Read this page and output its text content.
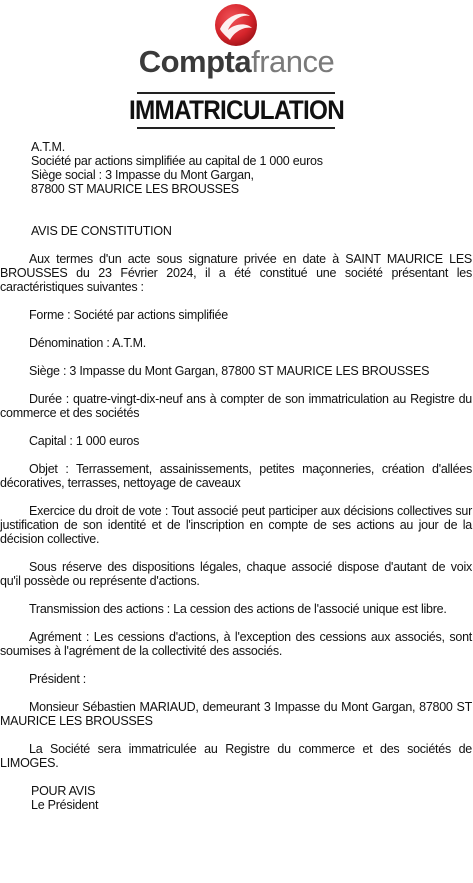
Comptafrance
IMMATRICULATION
A.T.M.
Société par actions simplifiée au capital de 1 000 euros
Siège social : 3 Impasse du Mont Gargan,
87800 ST MAURICE LES BROUSSES
AVIS DE CONSTITUTION
Aux termes d'un acte sous signature privée en date à SAINT MAURICE LES BROUSSES du 23 Février 2024, il a été constitué une société présentant les caractéristiques suivantes :
Forme : Société par actions simplifiée
Dénomination : A.T.M.
Siège : 3 Impasse du Mont Gargan, 87800 ST MAURICE LES BROUSSES
Durée : quatre-vingt-dix-neuf ans à compter de son immatriculation au Registre du commerce et des sociétés
Capital : 1 000 euros
Objet : Terrassement, assainissements, petites maçonneries, création d'allées décoratives, terrasses, nettoyage de caveaux
Exercice du droit de vote : Tout associé peut participer aux décisions collectives sur justification de son identité et de l'inscription en compte de ses actions au jour de la décision collective.
Sous réserve des dispositions légales, chaque associé dispose d'autant de voix qu'il possède ou représente d'actions.
Transmission des actions : La cession des actions de l'associé unique est libre.
Agrément : Les cessions d'actions, à l'exception des cessions aux associés, sont soumises à l'agrément de la collectivité des associés.
Président :
Monsieur Sébastien MARIAUD, demeurant 3 Impasse du Mont Gargan, 87800 ST MAURICE LES BROUSSES
La Société sera immatriculée au Registre du commerce et des sociétés de LIMOGES.
POUR AVIS
Le Président
